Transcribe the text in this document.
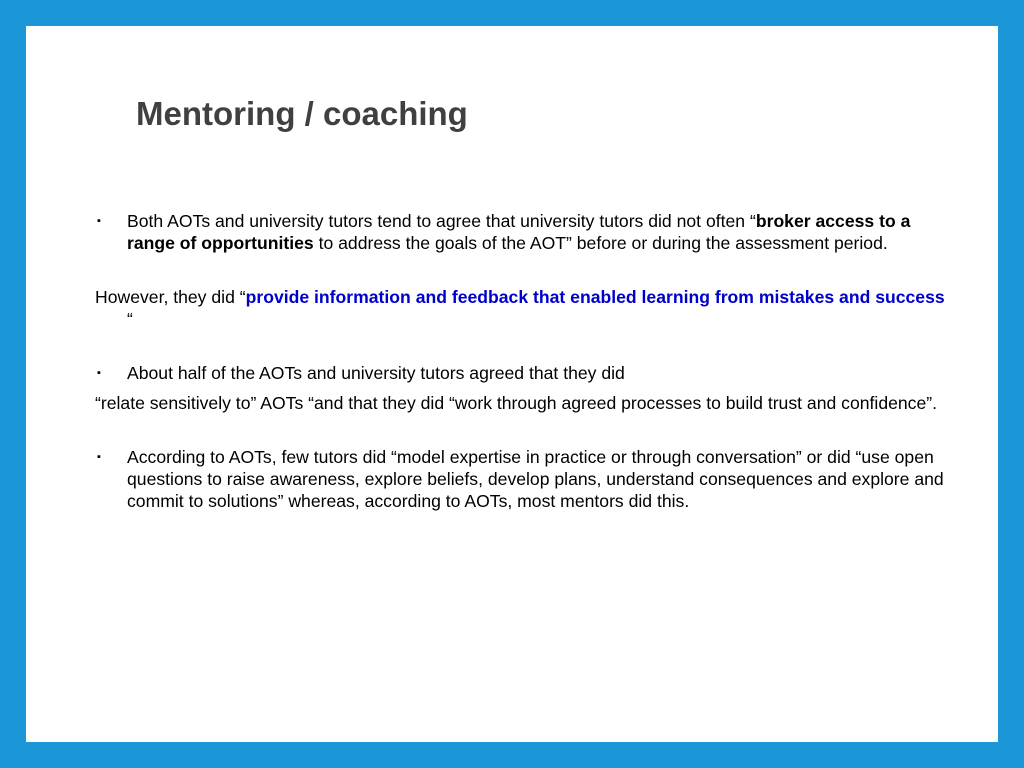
Mentoring / coaching

▪ Both AOTs and university tutors tend to agree that university tutors did not often “broker access to a range of opportunities to address the goals of the AOT” before or during the assessment period.

However, they did “provide information and feedback that enabled learning from mistakes and success “

▪ About half of the AOTs and university tutors agreed that they did

“relate sensitively to” AOTs “and that they did “work through agreed processes to build trust and confidence”.

▪ According to AOTs, few tutors did “model expertise in practice or through conversation” or did “use open questions to raise awareness, explore beliefs, develop plans, understand consequences and explore and commit to solutions” whereas, according to AOTs, most mentors did this.
